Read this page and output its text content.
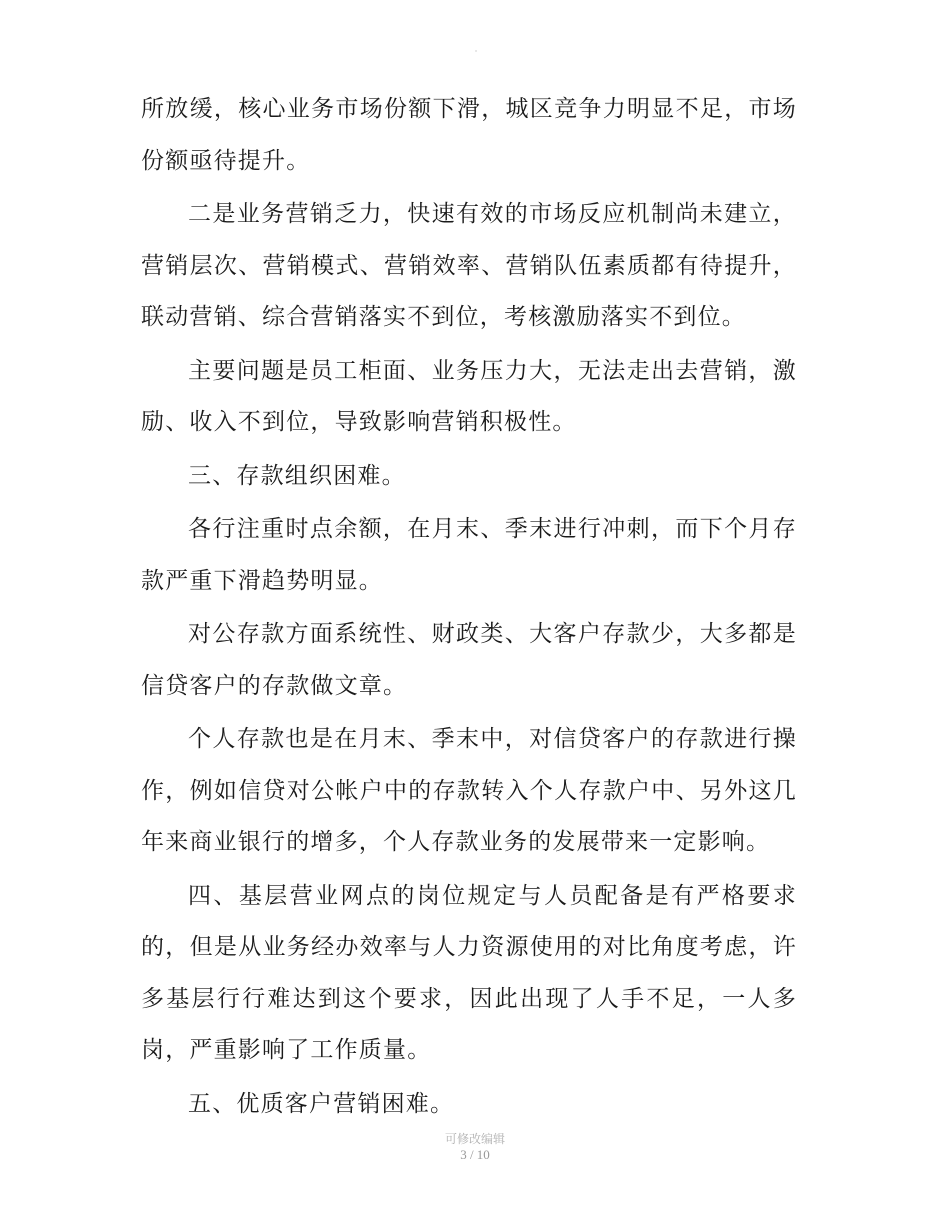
·

所放缓，核心业务市场份额下滑，城区竞争力明显不足，市场份额亟待提升。

二是业务营销乏力，快速有效的市场反应机制尚未建立，营销层次、营销模式、营销效率、营销队伍素质都有待提升，联动营销、综合营销落实不到位，考核激励落实不到位。

主要问题是员工柜面、业务压力大，无法走出去营销，激励、收入不到位，导致影响营销积极性。

三、存款组织困难。

各行注重时点余额，在月末、季末进行冲刺，而下个月存款严重下滑趋势明显。

对公存款方面系统性、财政类、大客户存款少，大多都是信贷客户的存款做文章。

个人存款也是在月末、季末中，对信贷客户的存款进行操作，例如信贷对公帐户中的存款转入个人存款户中、另外这几年来商业银行的增多，个人存款业务的发展带来一定影响。

四、基层营业网点的岗位规定与人员配备是有严格要求的，但是从业务经办效率与人力资源使用的对比角度考虑，许多基层行行难达到这个要求，因此出现了人手不足，一人多岗，严重影响了工作质量。

五、优质客户营销困难。

可修改编辑
3 / 10
